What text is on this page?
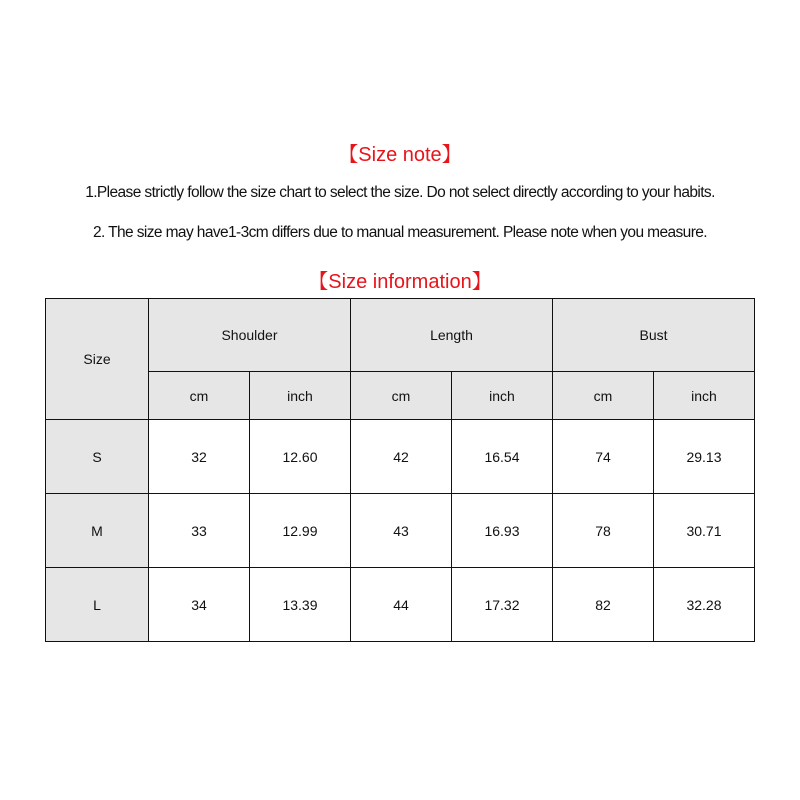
【Size note】
1.Please strictly follow the size chart to select the size. Do not select directly according to your habits.
2. The size may have1-3cm differs due to manual measurement. Please note when you measure.
【Size information】
Size	Shoulder		Length		Bust	
	cm	inch	cm	inch	cm	inch
S	32	12.60	42	16.54	74	29.13
M	33	12.99	43	16.93	78	30.71
L	34	13.39	44	17.32	82	32.28
